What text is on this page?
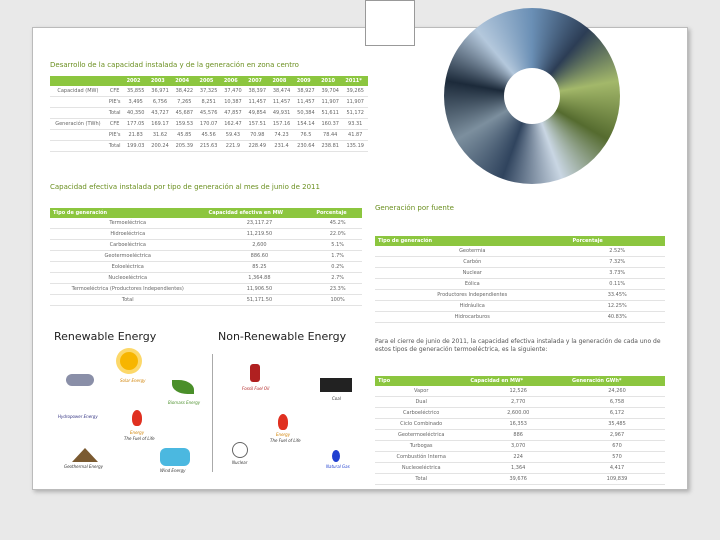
Desarrollo de la capacidad instalada y de la generación en zona centro
		2002	2003	2004	2005	2006	2007	2008	2009	2010	2011*
Capacidad (MW)	CFE	35,855	36,971	38,422	37,325	37,470	38,397	38,474	38,927	39,704	39,265
	PIE's	3,495	6,756	7,265	8,251	10,387	11,457	11,457	11,457	11,907	11,907
	Total	40,350	43,727	45,687	45,576	47,857	49,854	49,931	50,384	51,611	51,172
Generación (TWh)	CFE	177.05	169.17	159.53	170.07	162.47	157.51	157.16	154.14	160.37	93.31
	PIE's	21.83	31.62	45.85	45.56	59.43	70.98	74.23	76.5	78.44	41.87
	Total	199.03	200.24	205.39	215.63	221.9	228.49	231.4	230.64	238.81	135.19
Capacidad efectiva instalada por tipo de generación al mes de junio de 2011
Tipo de generación	Capacidad efectiva en MW	Porcentaje
Termoeléctrica	23,117.27	45.2%
Hidroeléctrica	11,219.50	22.0%
Carboeléctrica	2,600	5.1%
Geotermoeléctrica	886.60	1.7%
Eoloeléctrica	85.25	0.2%
Nucleoeléctrica	1,364.88	2.7%
Termoeléctrica (Productores Independientes)	11,906.50	23.3%
Total	51,171.50	100%
Generación por fuente
Tipo de generación	Porcentaje
Geotermia	2.52%
Carbón	7.32%
Nuclear	3.73%
Eólica	0.11%
Productores Independientes	33.45%
Hidráulica	12.25%
Hidrocarburos	40.83%
Para el cierre de junio de 2011, la capacidad efectiva instalada y la generación de cada uno de estos tipos de generación termoeléctrica, es la siguiente:
Tipo	Capacidad en MW*	Generación GWh*
Vapor	12,526	24,260
Dual	2,770	6,758
Carboeléctrico	2,600.00	6,172
Ciclo Combinado	16,353	35,485
Geotermoeléctrica	886	2,967
Turbogas	3,070	670
Combustión Interna	224	570
Nucleoeléctrica	1,364	4,417
Total	39,676	109,839
Renewable Energy	Non-Renewable Energy
Solar Energy
Biomass Energy
Hydropower Energy
Energy
The Fuel of Life
Geothermal Energy
Wind Energy
Fossil Fuel Oil
Coal
Energy
The Fuel of Life
Nuclear
Natural Gas
